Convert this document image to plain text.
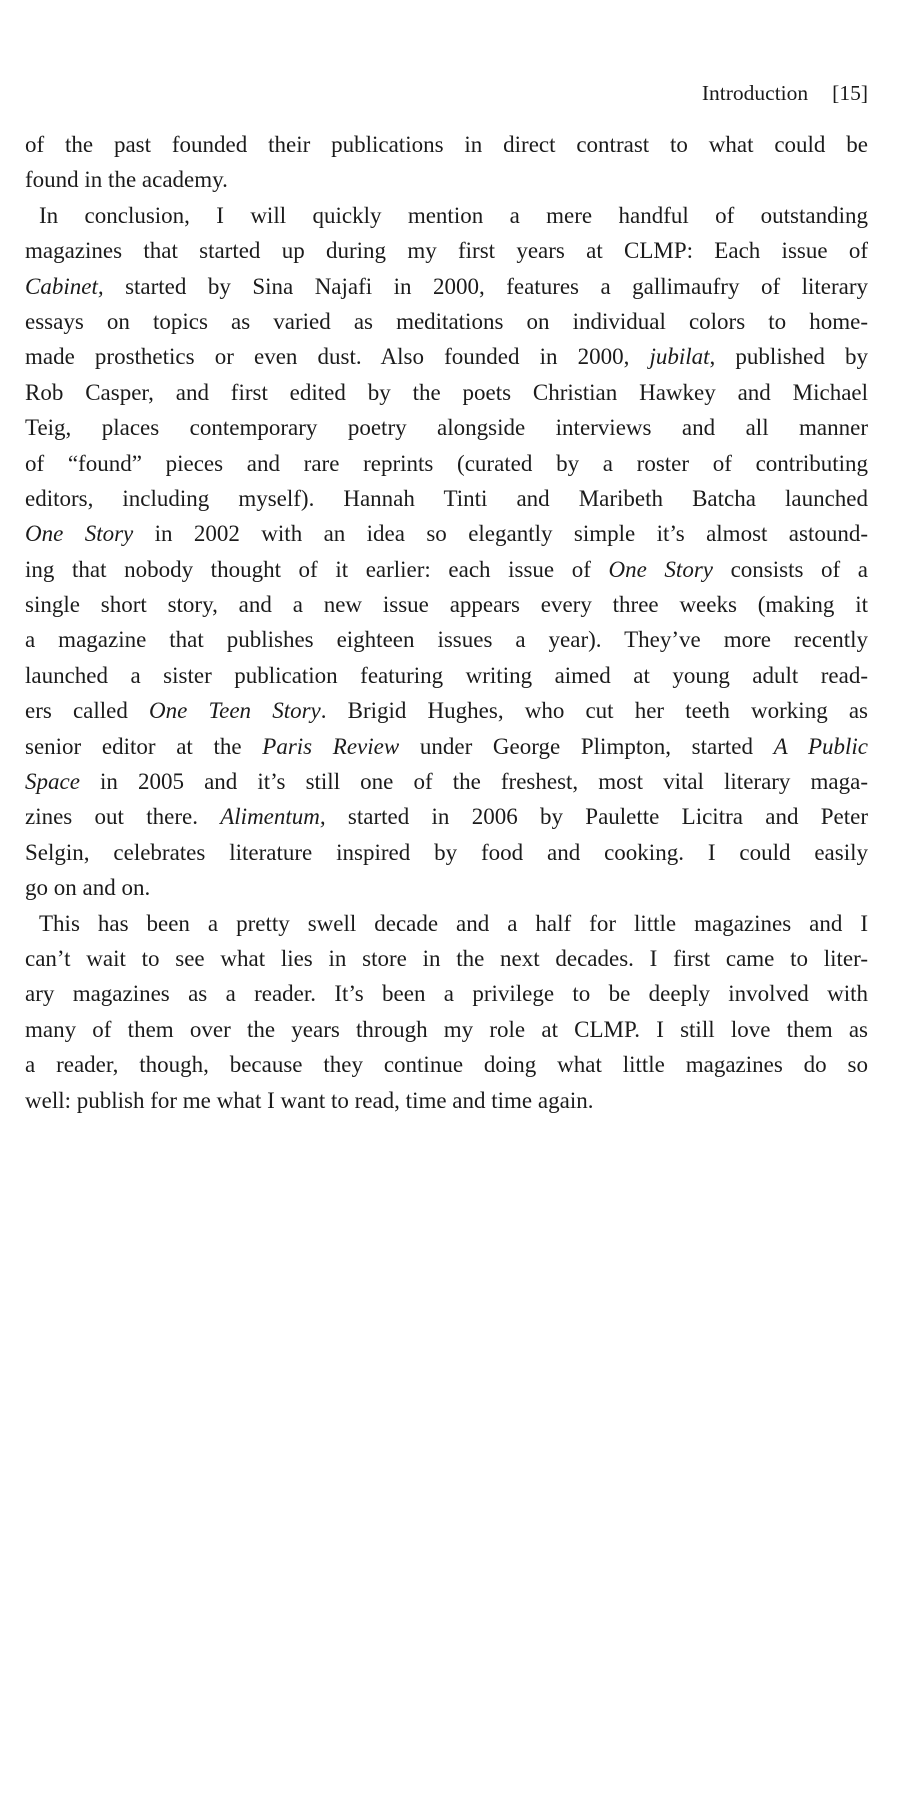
Introduction [15]
of the past founded their publications in direct contrast to what could be
found in the academy.
In conclusion, I will quickly mention a mere handful of outstanding
magazines that started up during my first years at CLMP: Each issue of
Cabinet, started by Sina Najafi in 2000, features a gallimaufry of literary
essays on topics as varied as meditations on individual colors to home-
made prosthetics or even dust. Also founded in 2000, jubilat, published by
Rob Casper, and first edited by the poets Christian Hawkey and Michael
Teig, places contemporary poetry alongside interviews and all manner
of “found” pieces and rare reprints (curated by a roster of contributing
editors, including myself). Hannah Tinti and Maribeth Batcha launched
One Story in 2002 with an idea so elegantly simple it’s almost astound-
ing that nobody thought of it earlier: each issue of One Story consists of a
single short story, and a new issue appears every three weeks (making it
a magazine that publishes eighteen issues a year). They’ve more recently
launched a sister publication featuring writing aimed at young adult read-
ers called One Teen Story. Brigid Hughes, who cut her teeth working as
senior editor at the Paris Review under George Plimpton, started A Public
Space in 2005 and it’s still one of the freshest, most vital literary maga-
zines out there. Alimentum, started in 2006 by Paulette Licitra and Peter
Selgin, celebrates literature inspired by food and cooking. I could easily
go on and on.
This has been a pretty swell decade and a half for little magazines and I
can’t wait to see what lies in store in the next decades. I first came to liter-
ary magazines as a reader. It’s been a privilege to be deeply involved with
many of them over the years through my role at CLMP. I still love them as
a reader, though, because they continue doing what little magazines do so
well: publish for me what I want to read, time and time again.
